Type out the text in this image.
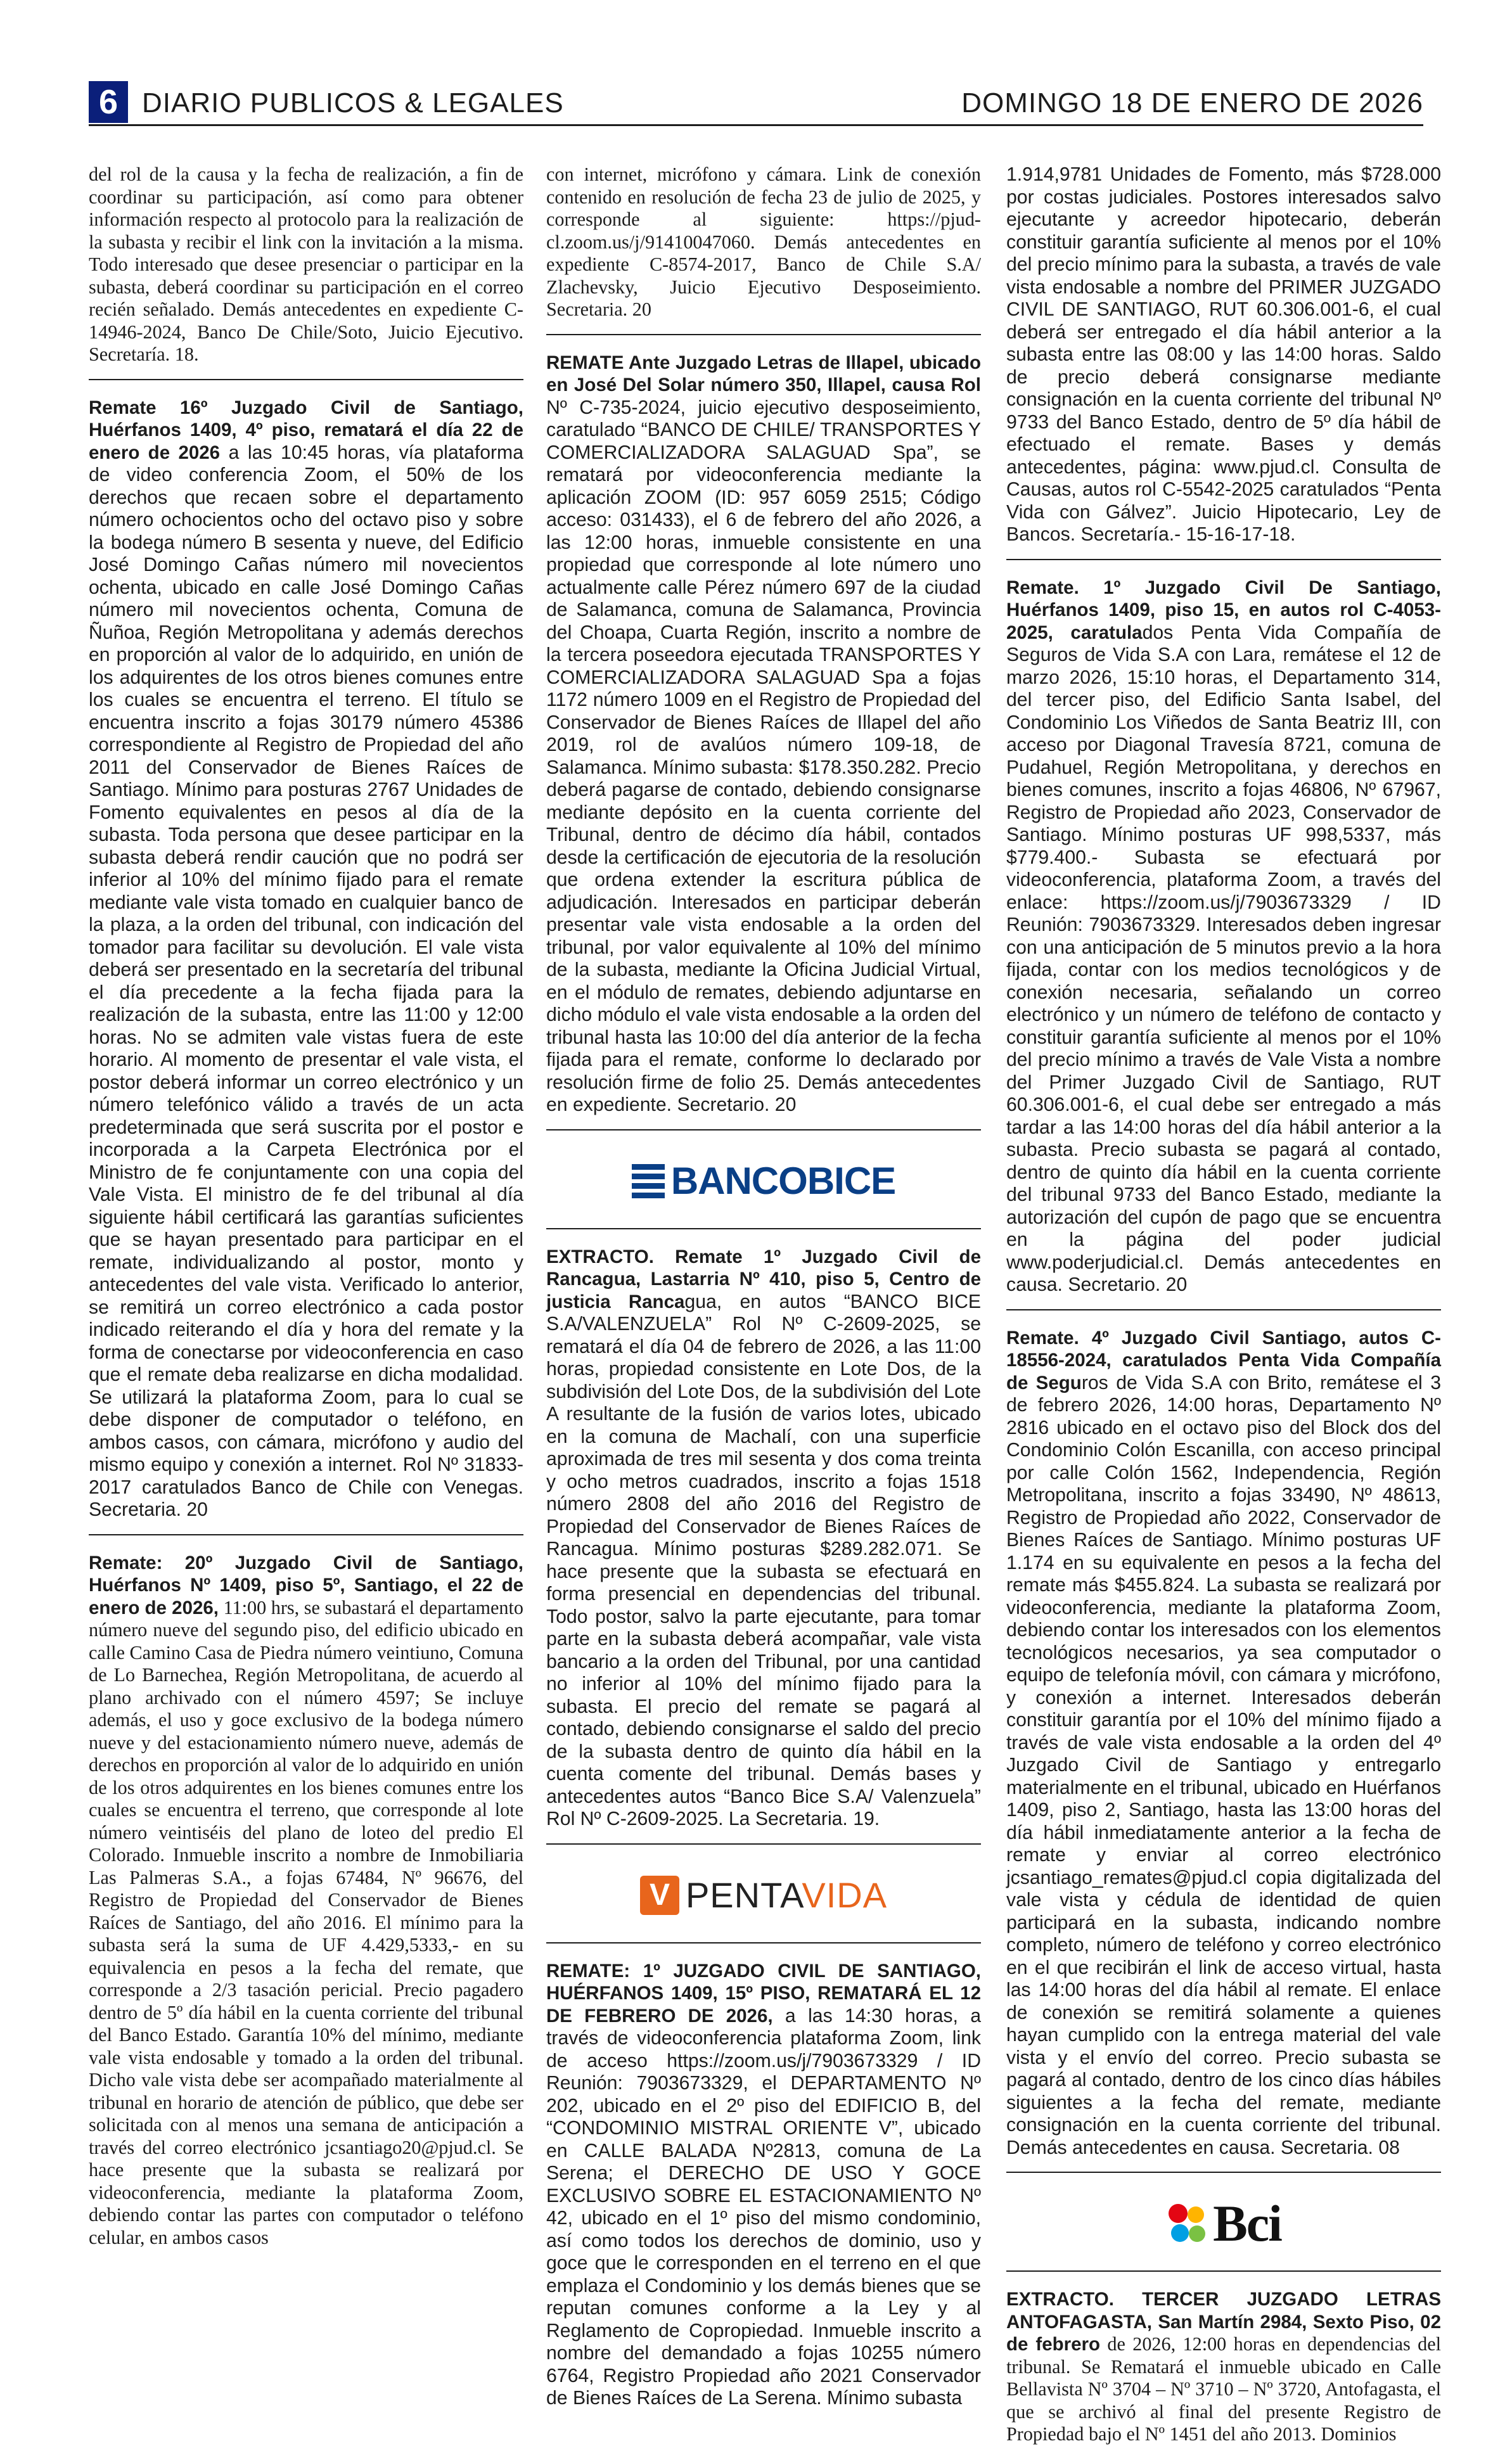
6 DIARIO PUBLICOS & LEGALES	DOMINGO 18 DE ENERO DE 2026

del rol de la causa y la fecha de realización, a fin de coordinar su participación, así como para obtener información respecto al protocolo para la realización de la subasta y recibir el link con la invitación a la misma. Todo interesado que desee presenciar o participar en la subasta, deberá coordinar su participación en el correo recién señalado. Demás antecedentes en expediente C-14946-2024, Banco De Chile/Soto, Juicio Ejecutivo. Secretaría. 18.

Remate 16º Juzgado Civil de Santiago, Huérfanos 1409, 4º piso, rematará el día 22 de enero de 2026 a las 10:45 horas, vía plataforma de video conferencia Zoom, el 50% de los derechos que recaen sobre el departamento número ochocientos ocho del octavo piso y sobre la bodega número B sesenta y nueve, del Edificio José Domingo Cañas número mil novecientos ochenta, ubicado en calle José Domingo Cañas número mil novecientos ochenta, Comuna de Ñuñoa, Región Metropolitana y además derechos en proporción al valor de lo adquirido, en unión de los adquirentes de los otros bienes comunes entre los cuales se encuentra el terreno. El título se encuentra inscrito a fojas 30179 número 45386 correspondiente al Registro de Propiedad del año 2011 del Conservador de Bienes Raíces de Santiago. Mínimo para posturas 2767 Unidades de Fomento equivalentes en pesos al día de la subasta. Toda persona que desee participar en la subasta deberá rendir caución que no podrá ser inferior al 10% del mínimo fijado para el remate mediante vale vista tomado en cualquier banco de la plaza, a la orden del tribunal, con indicación del tomador para facilitar su devolución. El vale vista deberá ser presentado en la secretaría del tribunal el día precedente a la fecha fijada para la realización de la subasta, entre las 11:00 y 12:00 horas. No se admiten vale vistas fuera de este horario. Al momento de presentar el vale vista, el postor deberá informar un correo electrónico y un número telefónico válido a través de un acta predeterminada que será suscrita por el postor e incorporada a la Carpeta Electrónica por el Ministro de fe conjuntamente con una copia del Vale Vista. El ministro de fe del tribunal al día siguiente hábil certificará las garantías suficientes que se hayan presentado para participar en el remate, individualizando al postor, monto y antecedentes del vale vista. Verificado lo anterior, se remitirá un correo electrónico a cada postor indicado reiterando el día y hora del remate y la forma de conectarse por videoconferencia en caso que el remate deba realizarse en dicha modalidad. Se utilizará la plataforma Zoom, para lo cual se debe disponer de computador o teléfono, en ambos casos, con cámara, micrófono y audio del mismo equipo y conexión a internet. Rol Nº 31833-2017 caratulados Banco de Chile con Venegas. Secretaria. 20

Remate: 20º Juzgado Civil de Santiago, Huérfanos Nº 1409, piso 5º, Santiago, el 22 de enero de 2026, 11:00 hrs, se subastará el departamento número nueve del segundo piso, del edificio ubicado en calle Camino Casa de Piedra número veintiuno, Comuna de Lo Barnechea, Región Metropolitana, de acuerdo al plano archivado con el número 4597; Se incluye además, el uso y goce exclusivo de la bodega número nueve y del estacionamiento número nueve, además de derechos en proporción al valor de lo adquirido en unión de los otros adquirentes en los bienes comunes entre los cuales se encuentra el terreno, que corresponde al lote número veintiséis del plano de loteo del predio El Colorado. Inmueble inscrito a nombre de Inmobiliaria Las Palmeras S.A., a fojas 67484, Nº 96676, del Registro de Propiedad del Conservador de Bienes Raíces de Santiago, del año 2016. El mínimo para la subasta será la suma de UF 4.429,5333,- en su equivalencia en pesos a la fecha del remate, que corresponde a 2/3 tasación pericial. Precio pagadero dentro de 5º día hábil en la cuenta corriente del tribunal del Banco Estado. Garantía 10% del mínimo, mediante vale vista endosable y tomado a la orden del tribunal. Dicho vale vista debe ser acompañado materialmente al tribunal en horario de atención de público, que debe ser solicitada con al menos una semana de anticipación a través del correo electrónico jcsantiago20@pjud.cl. Se hace presente que la subasta se realizará por videoconferencia, mediante la plataforma Zoom, debiendo contar las partes con computador o teléfono celular, en ambos casos

con internet, micrófono y cámara. Link de conexión contenido en resolución de fecha 23 de julio de 2025, y corresponde al siguiente: https://pjud-cl.zoom.us/j/91410047060. Demás antecedentes en expediente C-8574-2017, Banco de Chile S.A/ Zlachevsky, Juicio Ejecutivo Desposeimiento. Secretaria. 20

REMATE Ante Juzgado Letras de Illapel, ubicado en José Del Solar número 350, Illapel, causa Rol Nº C-735-2024, juicio ejecutivo desposeimiento, caratulado “BANCO DE CHILE/ TRANSPORTES Y COMERCIALIZADORA SALAGUAD Spa”, se rematará por videoconferencia mediante la aplicación ZOOM (ID: 957 6059 2515; Código acceso: 031433), el 6 de febrero del año 2026, a las 12:00 horas, inmueble consistente en una propiedad que corresponde al lote número uno actualmente calle Pérez número 697 de la ciudad de Salamanca, comuna de Salamanca, Provincia del Choapa, Cuarta Región, inscrito a nombre de la tercera poseedora ejecutada TRANSPORTES Y COMERCIALIZADORA SALAGUAD Spa a fojas 1172 número 1009 en el Registro de Propiedad del Conservador de Bienes Raíces de Illapel del año 2019, rol de avalúos número 109-18, de Salamanca. Mínimo subasta: $178.350.282. Precio deberá pagarse de contado, debiendo consignarse mediante depósito en la cuenta corriente del Tribunal, dentro de décimo día hábil, contados desde la certificación de ejecutoria de la resolución que ordena extender la escritura pública de adjudicación. Interesados en participar deberán presentar vale vista endosable a la orden del tribunal, por valor equivalente al 10% del mínimo de la subasta, mediante la Oficina Judicial Virtual, en el módulo de remates, debiendo adjuntarse en dicho módulo el vale vista endosable a la orden del tribunal hasta las 10:00 del día anterior de la fecha fijada para el remate, conforme lo declarado por resolución firme de folio 25. Demás antecedentes en expediente. Secretario. 20

BANCOBICE

EXTRACTO. Remate 1º Juzgado Civil de Rancagua, Lastarria Nº 410, piso 5, Centro de justicia Rancagua, en autos “BANCO BICE S.A/VALENZUELA” Rol Nº C-2609-2025, se rematará el día 04 de febrero de 2026, a las 11:00 horas, propiedad consistente en Lote Dos, de la subdivisión del Lote Dos, de la subdivisión del Lote A resultante de la fusión de varios lotes, ubicado en la comuna de Machalí, con una superficie aproximada de tres mil sesenta y dos coma treinta y ocho metros cuadrados, inscrito a fojas 1518 número 2808 del año 2016 del Registro de Propiedad del Conservador de Bienes Raíces de Rancagua. Mínimo posturas $289.282.071. Se hace presente que la subasta se efectuará en forma presencial en dependencias del tribunal. Todo postor, salvo la parte ejecutante, para tomar parte en la subasta deberá acompañar, vale vista bancario a la orden del Tribunal, por una cantidad no inferior al 10% del mínimo fijado para la subasta. El precio del remate se pagará al contado, debiendo consignarse el saldo del precio de la subasta dentro de quinto día hábil en la cuenta comente del tribunal. Demás bases y antecedentes autos “Banco Bice S.A/ Valenzuela” Rol Nº C-2609-2025. La Secretaria. 19.

V PENTAVIDA

REMATE: 1º JUZGADO CIVIL DE SANTIAGO, HUÉRFANOS 1409, 15º PISO, REMATARÁ EL 12 DE FEBRERO DE 2026, a las 14:30 horas, a través de videoconferencia plataforma Zoom, link de acceso https://zoom.us/j/7903673329 / ID Reunión: 7903673329, el DEPARTAMENTO Nº 202, ubicado en el 2º piso del EDIFICIO B, del “CONDOMINIO MISTRAL ORIENTE V”, ubicado en CALLE BALADA Nº2813, comuna de La Serena; el DERECHO DE USO Y GOCE EXCLUSIVO SOBRE EL ESTACIONAMIENTO Nº 42, ubicado en el 1º piso del mismo condominio, así como todos los derechos de dominio, uso y goce que le corresponden en el terreno en el que emplaza el Condominio y los demás bienes que se reputan comunes conforme a la Ley y al Reglamento de Copropiedad. Inmueble inscrito a nombre del demandado a fojas 10255 número 6764, Registro Propiedad año 2021 Conservador de Bienes Raíces de La Serena. Mínimo subasta

1.914,9781 Unidades de Fomento, más $728.000 por costas judiciales. Postores interesados salvo ejecutante y acreedor hipotecario, deberán constituir garantía suficiente al menos por el 10% del precio mínimo para la subasta, a través de vale vista endosable a nombre del PRIMER JUZGADO CIVIL DE SANTIAGO, RUT 60.306.001-6, el cual deberá ser entregado el día hábil anterior a la subasta entre las 08:00 y las 14:00 horas. Saldo de precio deberá consignarse mediante consignación en la cuenta corriente del tribunal Nº 9733 del Banco Estado, dentro de 5º día hábil de efectuado el remate. Bases y demás antecedentes, página: www.pjud.cl. Consulta de Causas, autos rol C-5542-2025 caratulados “Penta Vida con Gálvez”. Juicio Hipotecario, Ley de Bancos. Secretaría.- 15-16-17-18.

Remate. 1º Juzgado Civil De Santiago, Huérfanos 1409, piso 15, en autos rol C-4053-2025, caratulados Penta Vida Compañía de Seguros de Vida S.A con Lara, remátese el 12 de marzo 2026, 15:10 horas, el Departamento 314, del tercer piso, del Edificio Santa Isabel, del Condominio Los Viñedos de Santa Beatriz III, con acceso por Diagonal Travesía 8721, comuna de Pudahuel, Región Metropolitana, y derechos en bienes comunes, inscrito a fojas 46806, Nº 67967, Registro de Propiedad año 2023, Conservador de Santiago. Mínimo posturas UF 998,5337, más $779.400.- Subasta se efectuará por videoconferencia, plataforma Zoom, a través del enlace: https://zoom.us/j/7903673329 / ID Reunión: 7903673329. Interesados deben ingresar con una anticipación de 5 minutos previo a la hora fijada, contar con los medios tecnológicos y de conexión necesaria, señalando un correo electrónico y un número de teléfono de contacto y constituir garantía suficiente al menos por el 10% del precio mínimo a través de Vale Vista a nombre del Primer Juzgado Civil de Santiago, RUT 60.306.001-6, el cual debe ser entregado a más tardar a las 14:00 horas del día hábil anterior a la subasta. Precio subasta se pagará al contado, dentro de quinto día hábil en la cuenta corriente del tribunal 9733 del Banco Estado, mediante la autorización del cupón de pago que se encuentra en la página del poder judicial www.poderjudicial.cl. Demás antecedentes en causa. Secretario. 20

Remate. 4º Juzgado Civil Santiago, autos C-18556-2024, caratulados Penta Vida Compañía de Seguros de Vida S.A con Brito, remátese el 3 de febrero 2026, 14:00 horas, Departamento Nº 2816 ubicado en el octavo piso del Block dos del Condominio Colón Escanilla, con acceso principal por calle Colón 1562, Independencia, Región Metropolitana, inscrito a fojas 33490, Nº 48613, Registro de Propiedad año 2022, Conservador de Bienes Raíces de Santiago. Mínimo posturas UF 1.174 en su equivalente en pesos a la fecha del remate más $455.824. La subasta se realizará por videoconferencia, mediante la plataforma Zoom, debiendo contar los interesados con los elementos tecnológicos necesarios, ya sea computador o equipo de telefonía móvil, con cámara y micrófono, y conexión a internet. Interesados deberán constituir garantía por el 10% del mínimo fijado a través de vale vista endosable a la orden del 4º Juzgado Civil de Santiago y entregarlo materialmente en el tribunal, ubicado en Huérfanos 1409, piso 2, Santiago, hasta las 13:00 horas del día hábil inmediatamente anterior a la fecha de remate y enviar al correo electrónico jcsantiago_remates@pjud.cl copia digitalizada del vale vista y cédula de identidad de quien participará en la subasta, indicando nombre completo, número de teléfono y correo electrónico en el que recibirán el link de acceso virtual, hasta las 14:00 horas del día hábil al remate. El enlace de conexión se remitirá solamente a quienes hayan cumplido con la entrega material del vale vista y el envío del correo. Precio subasta se pagará al contado, dentro de los cinco días hábiles siguientes a la fecha del remate, mediante consignación en la cuenta corriente del tribunal. Demás antecedentes en causa. Secretaria. 08

Bci

EXTRACTO. TERCER JUZGADO LETRAS ANTOFAGASTA, San Martín 2984, Sexto Piso, 02 de febrero de 2026, 12:00 horas en dependencias del tribunal. Se Rematará el inmueble ubicado en Calle Bellavista Nº 3704 – Nº 3710 – Nº 3720, Antofagasta, el que se archivó al final del presente Registro de Propiedad bajo el Nº 1451 del año 2013. Dominios
